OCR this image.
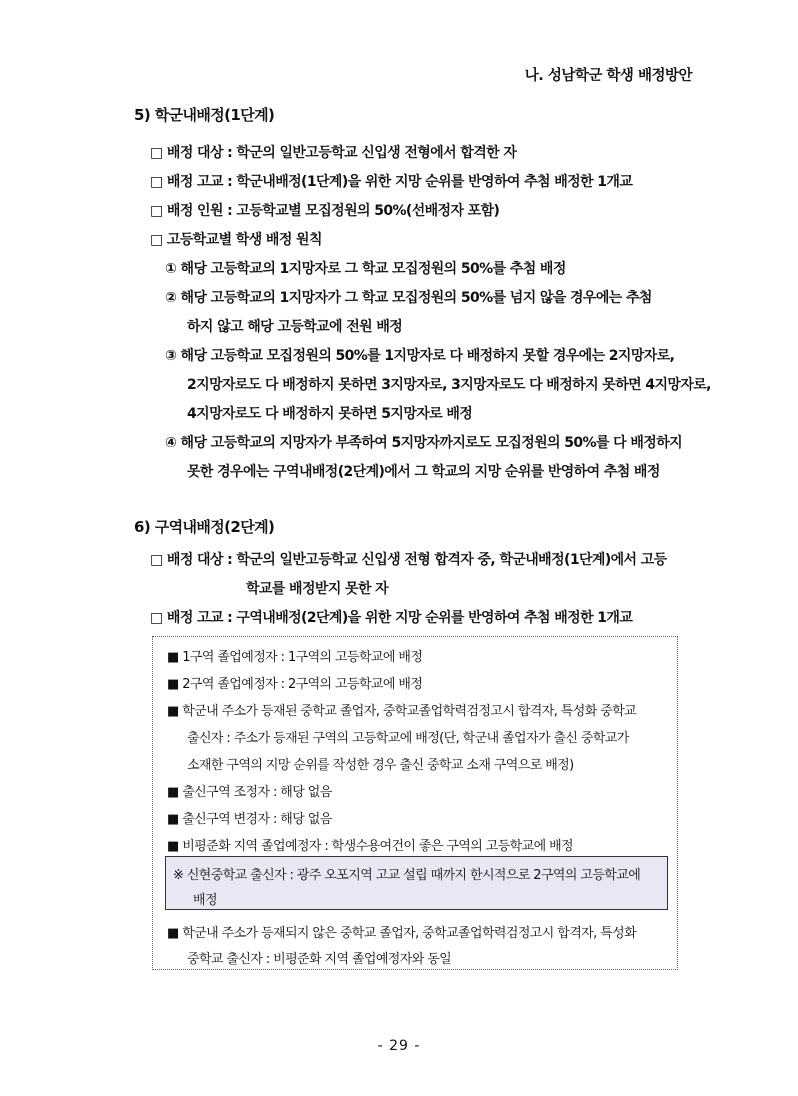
나. 성남학군 학생 배정방안
5) 학군내배정(1단계)
□ 배정 대상 : 학군의 일반고등학교 신입생 전형에서 합격한 자
□ 배정 고교 : 학군내배정(1단계)을 위한 지망 순위를 반영하여 추첨 배정한 1개교
□ 배정 인원 : 고등학교별 모집정원의 50%(선배정자 포함)
□ 고등학교별 학생 배정 원칙
① 해당 고등학교의 1지망자로 그 학교 모집정원의 50%를 추첨 배정
② 해당 고등학교의 1지망자가 그 학교 모집정원의 50%를 넘지 않을 경우에는 추첨
하지 않고 해당 고등학교에 전원 배정
③ 해당 고등학교 모집정원의 50%를 1지망자로 다 배정하지 못할 경우에는 2지망자로,
2지망자로도 다 배정하지 못하면 3지망자로, 3지망자로도 다 배정하지 못하면 4지망자로,
4지망자로도 다 배정하지 못하면 5지망자로 배정
④ 해당 고등학교의 지망자가 부족하여 5지망자까지로도 모집정원의 50%를 다 배정하지
못한 경우에는 구역내배정(2단계)에서 그 학교의 지망 순위를 반영하여 추첨 배정
6) 구역내배정(2단계)
□ 배정 대상 : 학군의 일반고등학교 신입생 전형 합격자 중, 학군내배정(1단계)에서 고등
학교를 배정받지 못한 자
□ 배정 고교 : 구역내배정(2단계)을 위한 지망 순위를 반영하여 추첨 배정한 1개교
■ 1구역 졸업예정자 : 1구역의 고등학교에 배정
■ 2구역 졸업예정자 : 2구역의 고등학교에 배정
■ 학군내 주소가 등재된 중학교 졸업자, 중학교졸업학력검정고시 합격자, 특성화 중학교
출신자 : 주소가 등재된 구역의 고등학교에 배정(단, 학군내 졸업자가 출신 중학교가
소재한 구역의 지망 순위를 작성한 경우 출신 중학교 소재 구역으로 배정)
■ 출신구역 조정자 : 해당 없음
■ 출신구역 변경자 : 해당 없음
■ 비평준화 지역 졸업예정자 : 학생수용여건이 좋은 구역의 고등학교에 배정
※ 신현중학교 출신자 : 광주 오포지역 고교 설립 때까지 한시적으로 2구역의 고등학교에
배정
■ 학군내 주소가 등재되지 않은 중학교 졸업자, 중학교졸업학력검정고시 합격자, 특성화
중학교 출신자 : 비평준화 지역 졸업예정자와 동일
- 29 -
